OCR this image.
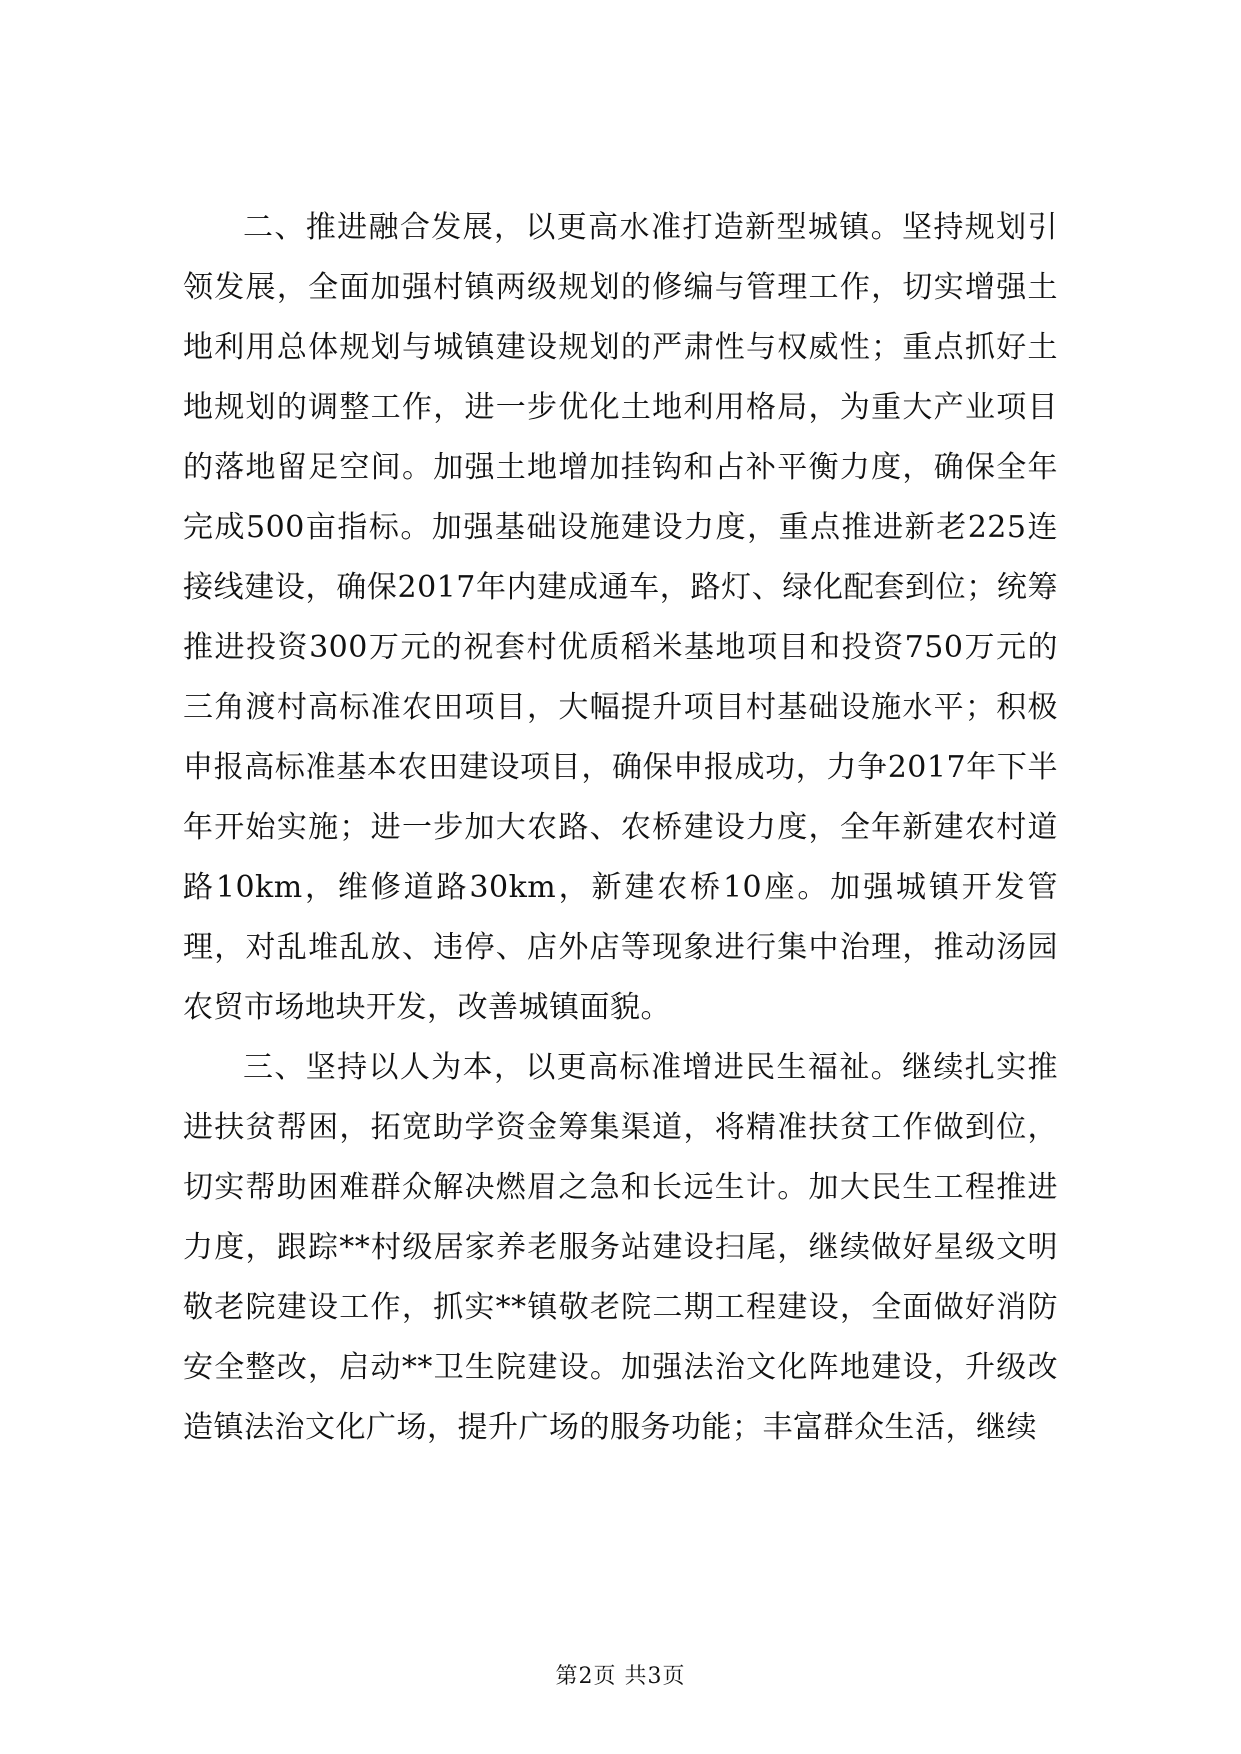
二、推进融合发展，以更高水准打造新型城镇。坚持规划引领发展，全面加强村镇两级规划的修编与管理工作，切实增强土地利用总体规划与城镇建设规划的严肃性与权威性；重点抓好土地规划的调整工作，进一步优化土地利用格局，为重大产业项目的落地留足空间。加强土地增加挂钩和占补平衡力度，确保全年完成500亩指标。加强基础设施建设力度，重点推进新老225连接线建设，确保2017年内建成通车，路灯、绿化配套到位；统筹推进投资300万元的祝套村优质稻米基地项目和投资750万元的三角渡村高标准农田项目，大幅提升项目村基础设施水平；积极申报高标准基本农田建设项目，确保申报成功，力争2017年下半年开始实施；进一步加大农路、农桥建设力度，全年新建农村道路10km，维修道路30km，新建农桥10座。加强城镇开发管理，对乱堆乱放、违停、店外店等现象进行集中治理，推动汤园农贸市场地块开发，改善城镇面貌。

三、坚持以人为本，以更高标准增进民生福祉。继续扎实推进扶贫帮困，拓宽助学资金筹集渠道，将精准扶贫工作做到位，切实帮助困难群众解决燃眉之急和长远生计。加大民生工程推进力度，跟踪**村级居家养老服务站建设扫尾，继续做好星级文明敬老院建设工作，抓实**镇敬老院二期工程建设，全面做好消防安全整改，启动**卫生院建设。加强法治文化阵地建设，升级改造镇法治文化广场，提升广场的服务功能；丰富群众生活，继续

第2页 共3页
